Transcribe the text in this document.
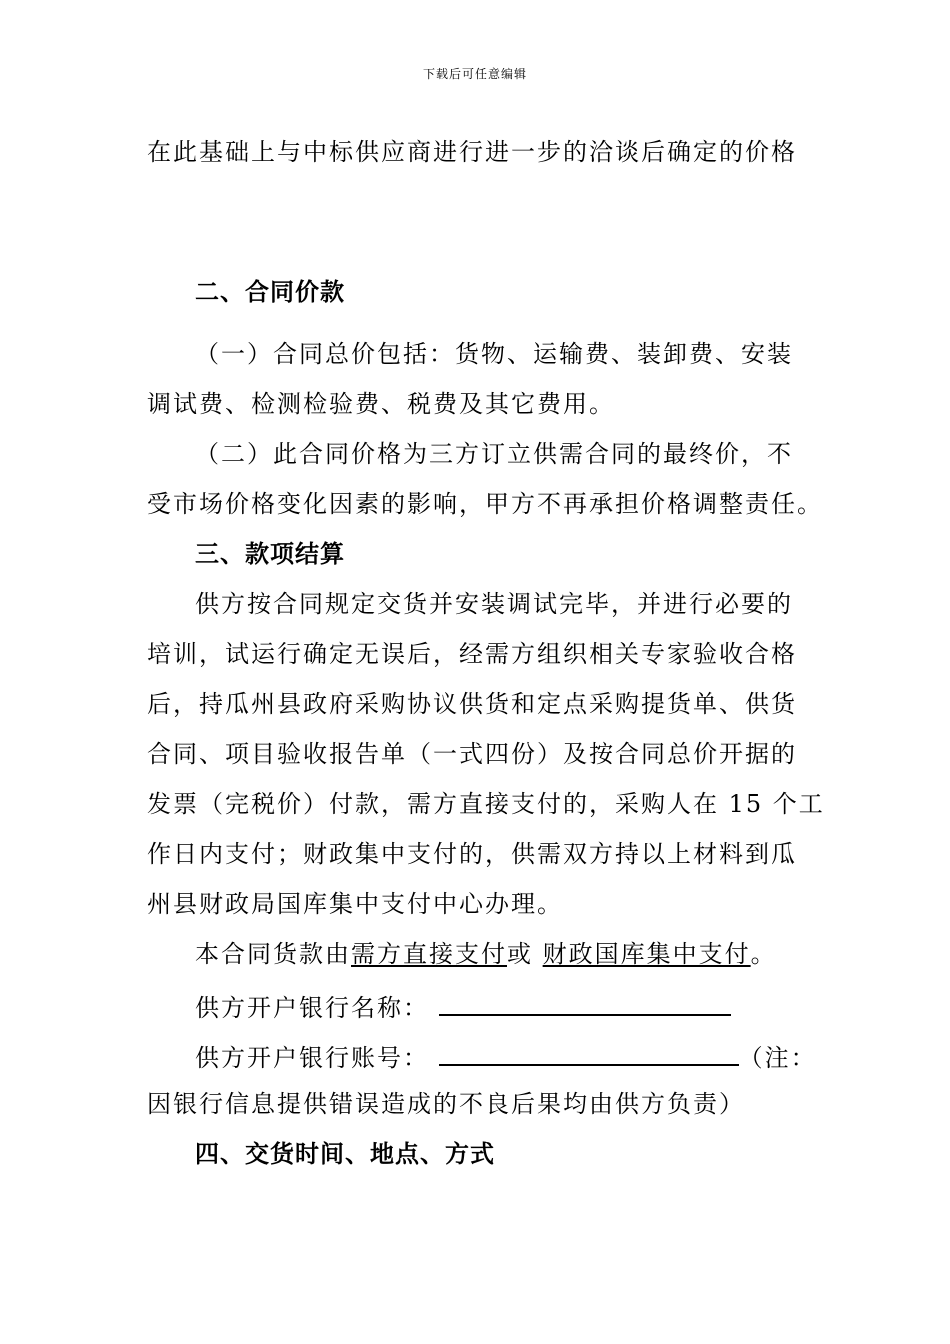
下载后可任意编辑
在此基础上与中标供应商进行进一步的洽谈后确定的价格
二、合同价款
（一）合同总价包括：货物、运输费、装卸费、安装
调试费、检测检验费、税费及其它费用。
（二）此合同价格为三方订立供需合同的最终价，不
受市场价格变化因素的影响，甲方不再承担价格调整责任。
三、款项结算
供方按合同规定交货并安装调试完毕，并进行必要的
培训，试运行确定无误后，经需方组织相关专家验收合格
后，持瓜州县政府采购协议供货和定点采购提货单、供货
合同、项目验收报告单（一式四份）及按合同总价开据的
发票（完税价）付款，需方直接支付的，采购人在 15 个工
作日内支付；财政集中支付的，供需双方持以上材料到瓜
州县财政局国库集中支付中心办理。
本合同货款由需方直接支付或 财政国库集中支付。
供方开户银行名称：
供方开户银行账号：	（注：
因银行信息提供错误造成的不良后果均由供方负责）
四、交货时间、地点、方式
